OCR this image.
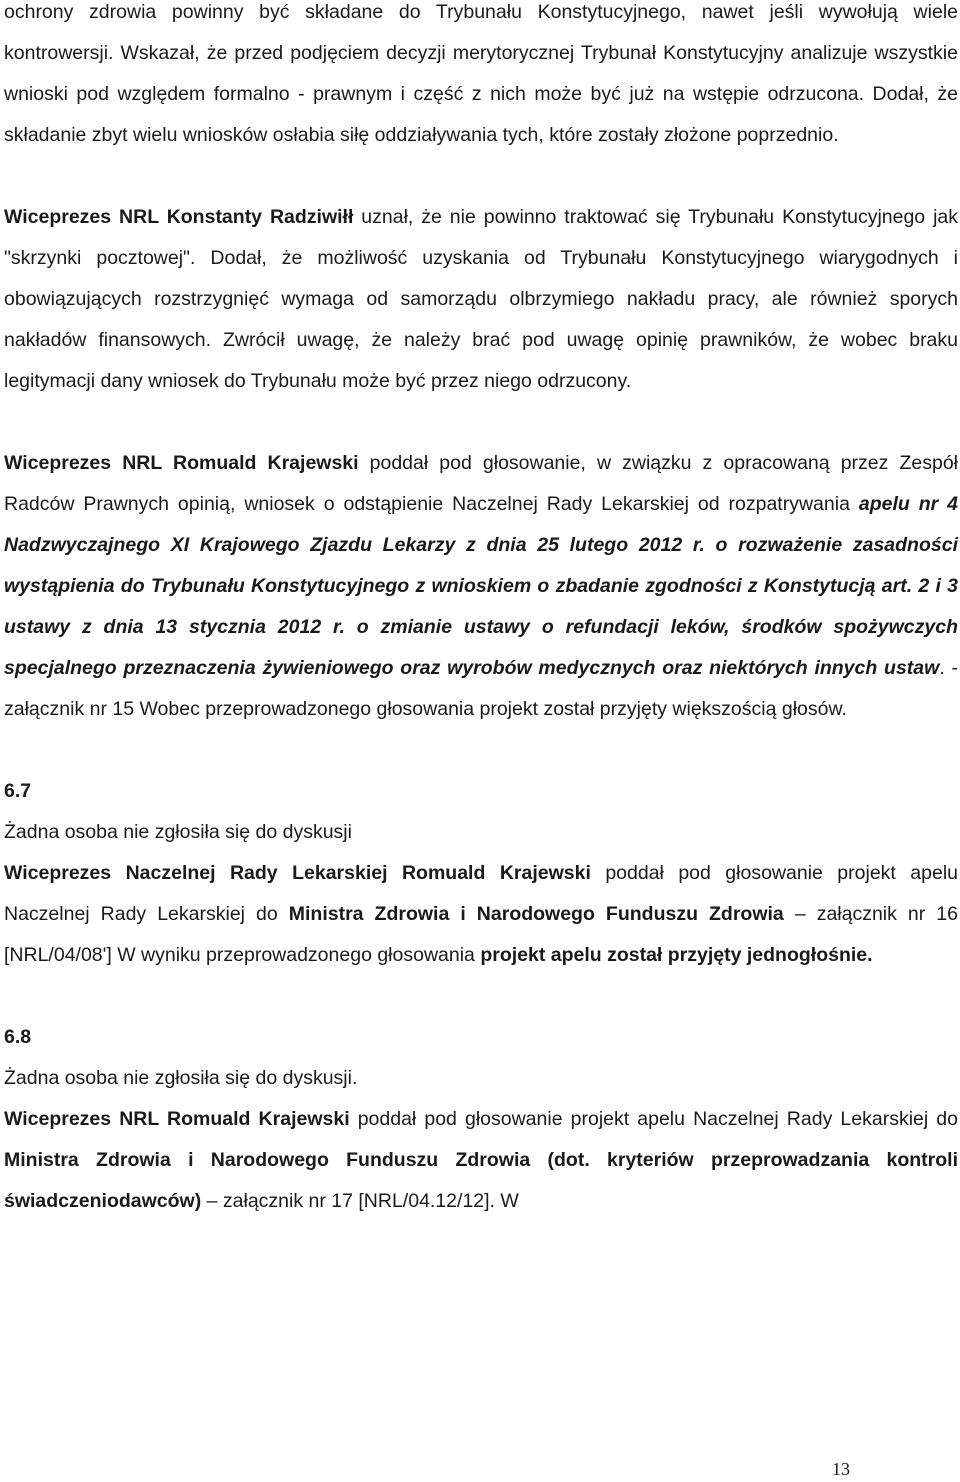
ochrony zdrowia powinny być składane do Trybunału Konstytucyjnego, nawet jeśli wywołują wiele kontrowersji. Wskazał, że przed podjęciem decyzji merytorycznej Trybunał Konstytucyjny analizuje wszystkie wnioski pod względem formalno - prawnym i część z nich może być już na wstępie odrzucona. Dodał, że składanie zbyt wielu wniosków osłabia siłę oddziaływania tych, które zostały złożone poprzednio.

Wiceprezes NRL Konstanty Radziwiłł uznał, że nie powinno traktować się Trybunału Konstytucyjnego jak "skrzynki pocztowej". Dodał, że możliwość uzyskania od Trybunału Konstytucyjnego wiarygodnych i obowiązujących rozstrzygnięć wymaga od samorządu olbrzymiego nakładu pracy, ale również sporych nakładów finansowych. Zwrócił uwagę, że należy brać pod uwagę opinię prawników, że wobec braku legitymacji dany wniosek do Trybunału może być przez niego odrzucony.

Wiceprezes NRL Romuald Krajewski poddał pod głosowanie, w związku z opracowaną przez Zespół Radców Prawnych opinią, wniosek o odstąpienie Naczelnej Rady Lekarskiej od rozpatrywania apelu nr 4 Nadzwyczajnego XI Krajowego Zjazdu Lekarzy z dnia 25 lutego 2012 r. o rozważenie zasadności wystąpienia do Trybunału Konstytucyjnego z wnioskiem o zbadanie zgodności z Konstytucją art. 2 i 3 ustawy z dnia 13 stycznia 2012 r. o zmianie ustawy o refundacji leków, środków spożywczych specjalnego przeznaczenia żywieniowego oraz wyrobów medycznych oraz niektórych innych ustaw. - załącznik nr 15 Wobec przeprowadzonego głosowania projekt został przyjęty większością głosów.

6.7

Żadna osoba nie zgłosiła się do dyskusji

Wiceprezes Naczelnej Rady Lekarskiej Romuald Krajewski poddał pod głosowanie projekt apelu Naczelnej Rady Lekarskiej do Ministra Zdrowia i Narodowego Funduszu Zdrowia – załącznik nr 16 [NRL/04/08'] W wyniku przeprowadzonego głosowania projekt apelu został przyjęty jednogłośnie.

6.8

Żadna osoba nie zgłosiła się do dyskusji.

Wiceprezes NRL Romuald Krajewski poddał pod głosowanie projekt apelu Naczelnej Rady Lekarskiej do Ministra Zdrowia i Narodowego Funduszu Zdrowia (dot. kryteriów przeprowadzania kontroli świadczeniodawców) – załącznik nr 17 [NRL/04.12/12]. W

13
